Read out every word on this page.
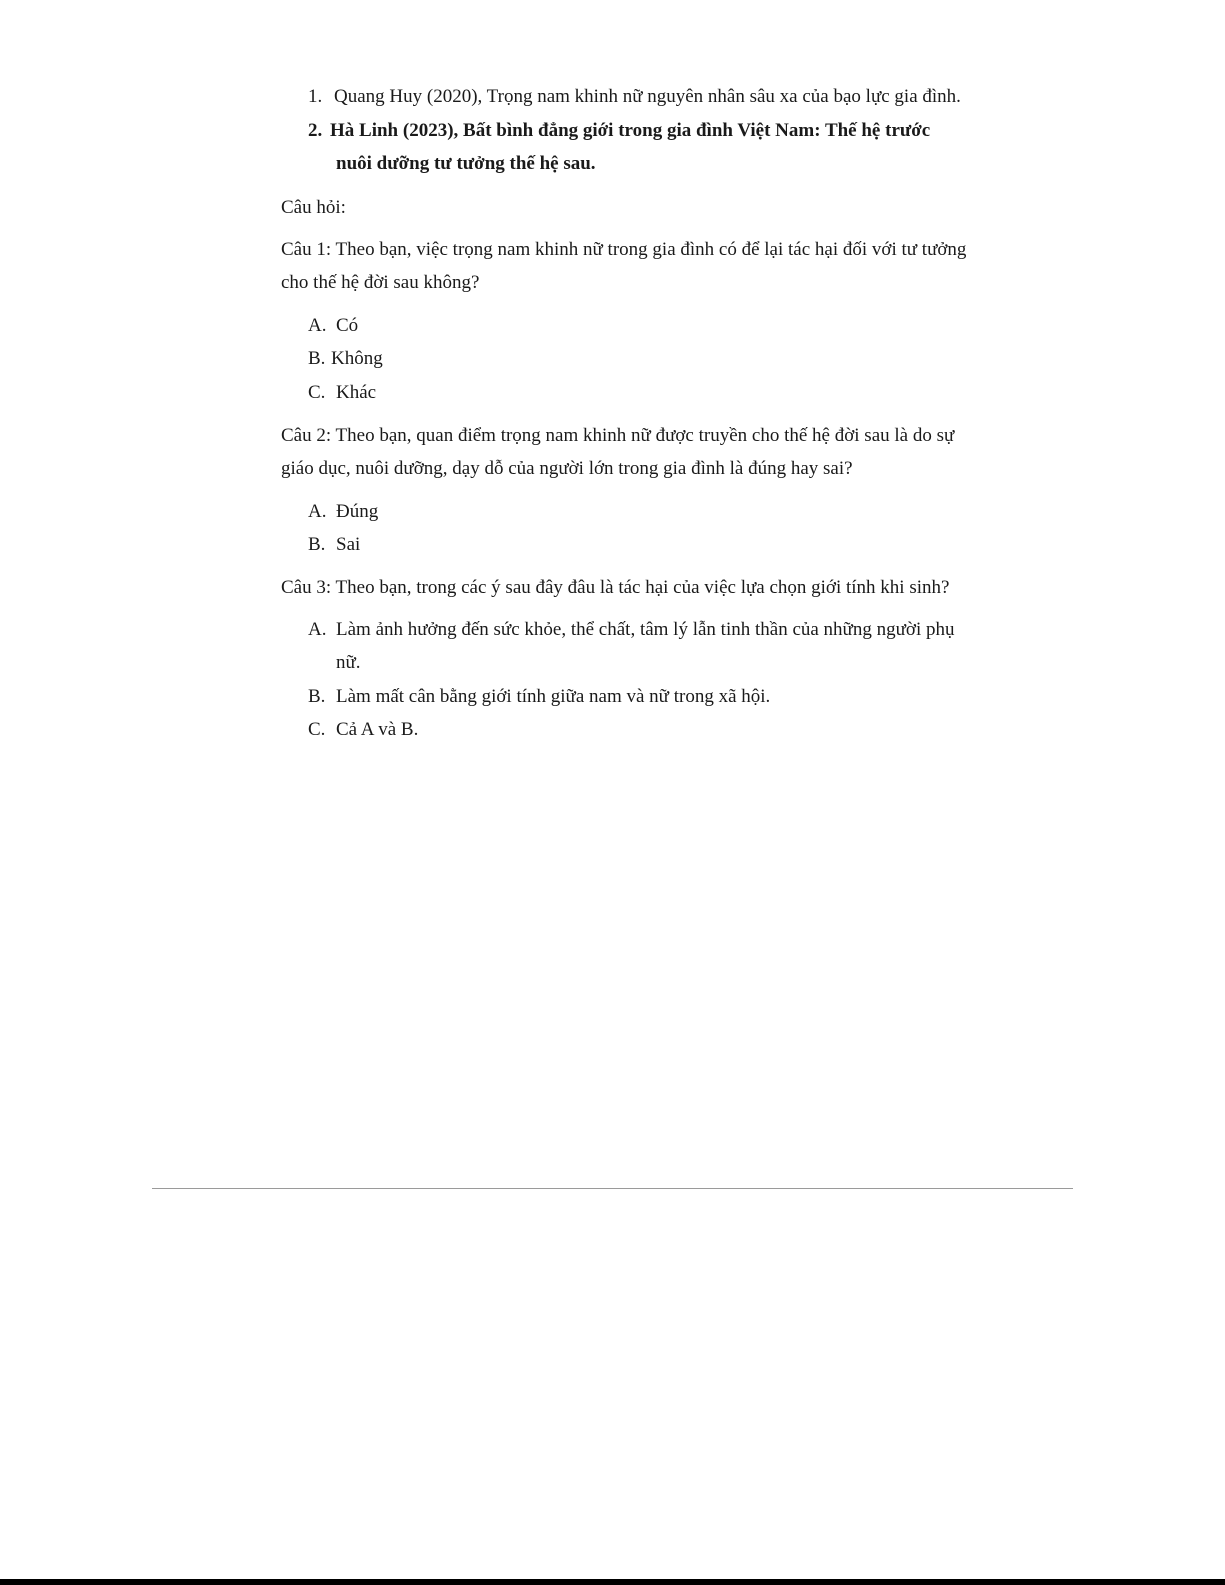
1. Quang Huy (2020), Trọng nam khinh nữ nguyên nhân sâu xa của bạo lực gia đình.
2. Hà Linh (2023), Bất bình đẳng giới trong gia đình Việt Nam: Thế hệ trước
nuôi dưỡng tư tưởng thế hệ sau.
Câu hỏi:
Câu 1: Theo bạn, việc trọng nam khinh nữ trong gia đình có để lại tác hại đối với tư tưởng
cho thế hệ đời sau không?
A. Có
B. Không
C. Khác
Câu 2: Theo bạn, quan điểm trọng nam khinh nữ được truyền cho thế hệ đời sau là do sự
giáo dục, nuôi dưỡng, dạy dỗ của người lớn trong gia đình là đúng hay sai?
A. Đúng
B. Sai
Câu 3: Theo bạn, trong các ý sau đây đâu là tác hại của việc lựa chọn giới tính khi sinh?
A. Làm ảnh hưởng đến sức khỏe, thể chất, tâm lý lẫn tinh thần của những người phụ
nữ.
B. Làm mất cân bằng giới tính giữa nam và nữ trong xã hội.
C. Cả A và B.
